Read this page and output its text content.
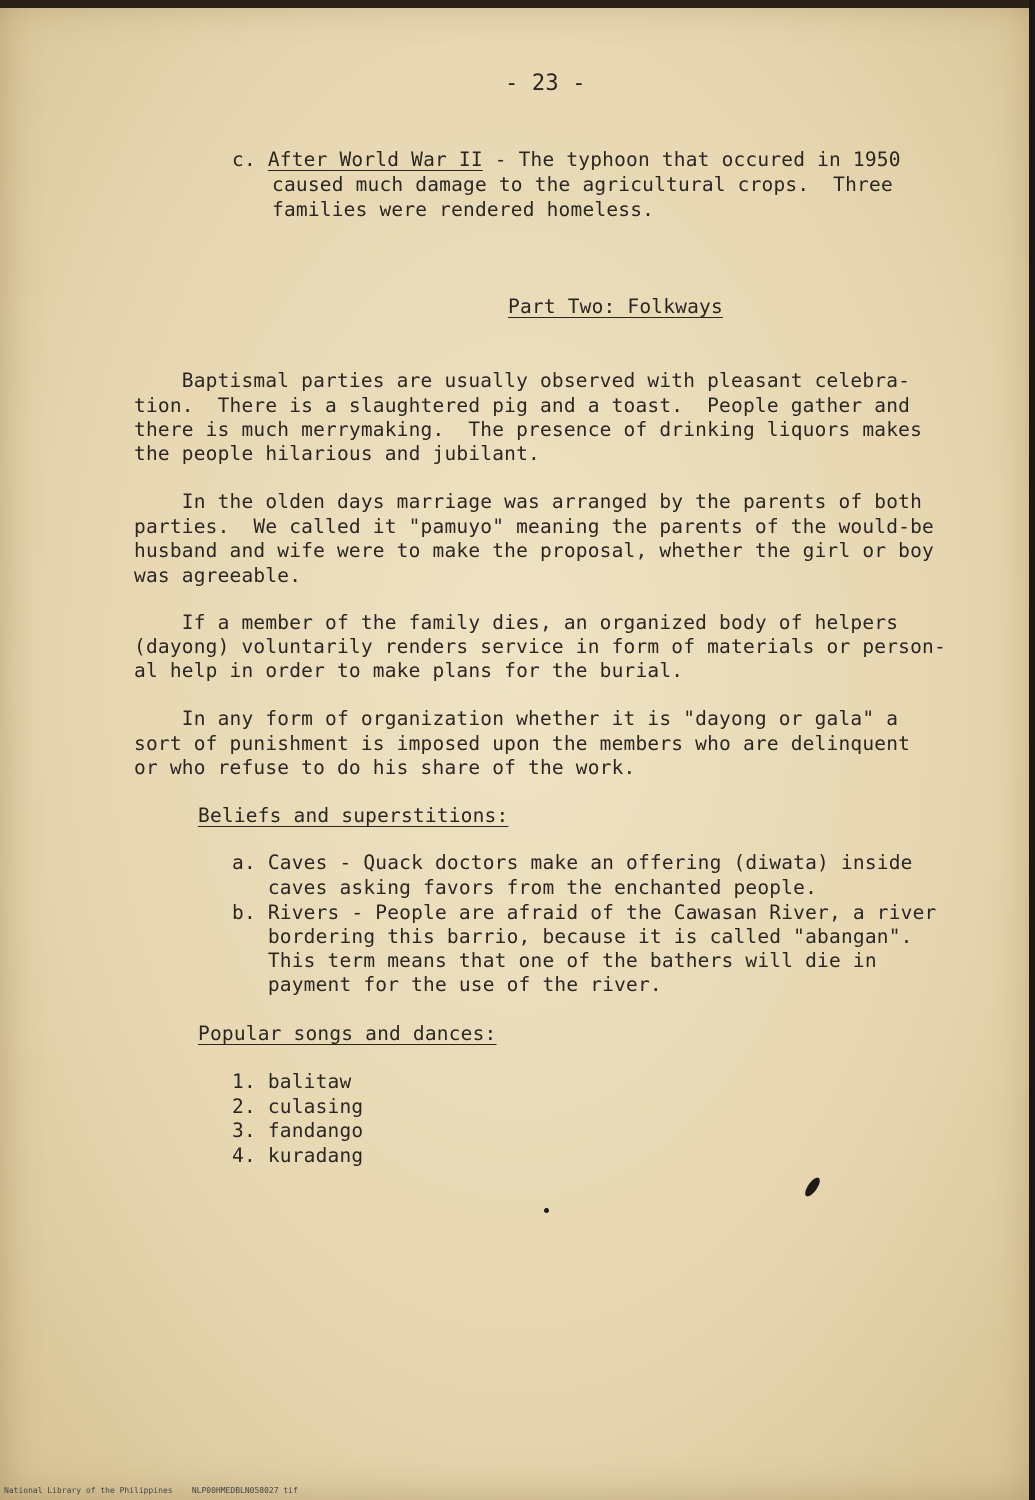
- 23 -
c. After World War II - The typhoon that occured in 1950
caused much damage to the agricultural crops.  Three
families were rendered homeless.
Part Two: Folkways
Baptismal parties are usually observed with pleasant celebra-
tion.  There is a slaughtered pig and a toast.  People gather and
there is much merrymaking.  The presence of drinking liquors makes
the people hilarious and jubilant.
In the olden days marriage was arranged by the parents of both
parties.  We called it "pamuyo" meaning the parents of the would-be
husband and wife were to make the proposal, whether the girl or boy
was agreeable.
If a member of the family dies, an organized body of helpers
(dayong) voluntarily renders service in form of materials or person-
al help in order to make plans for the burial.
In any form of organization whether it is "dayong or gala" a
sort of punishment is imposed upon the members who are delinquent
or who refuse to do his share of the work.
Beliefs and superstitions:
a. Caves - Quack doctors make an offering (diwata) inside
caves asking favors from the enchanted people.
b. Rivers - People are afraid of the Cawasan River, a river
bordering this barrio, because it is called "abangan".
This term means that one of the bathers will die in
payment for the use of the river.
Popular songs and dances:
1. balitaw
2. culasing
3. fandango
4. kuradang
National Library of the Philippines    NLP00HMEDBLN058027 tif
